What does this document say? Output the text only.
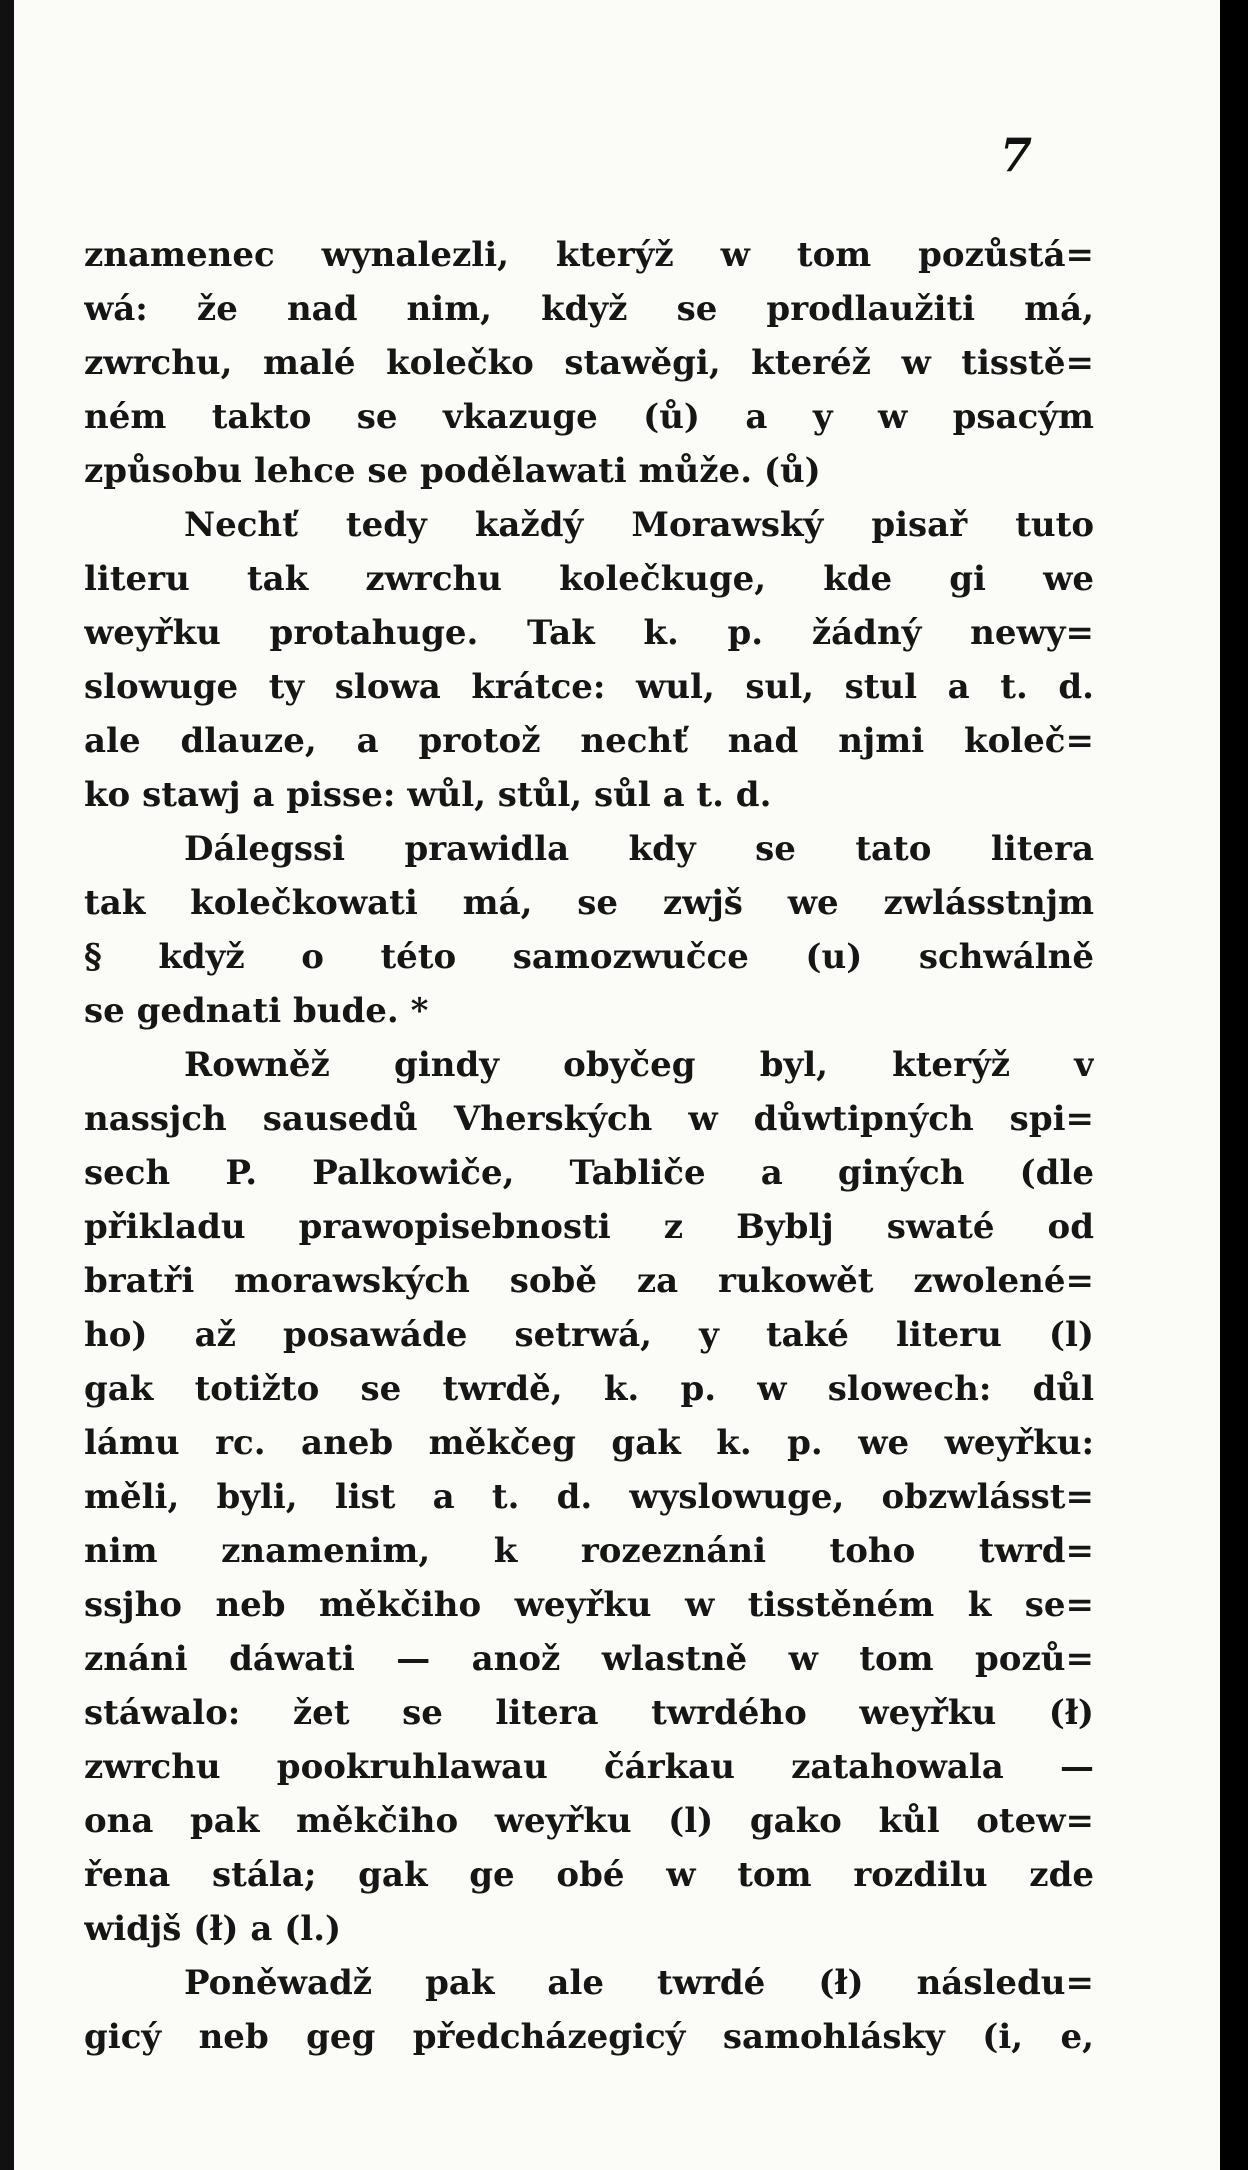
7
znamenec wynalezli, kterýž w tom pozůstá=
wá: že nad nim, když se prodlaužiti má,
zwrchu, malé kolečko stawěgi, kteréž w tisstě=
ném takto se vkazuge (ů) a y w psacým
způsobu lehce se podělawati může. (ů)
Nechť tedy každý Morawský pisař tuto
literu tak zwrchu kolečkuge, kde gi we
weyřku protahuge. Tak k. p. žádný newy=
slowuge ty slowa krátce: wul, sul, stul a t. d.
ale dlauze, a protož nechť nad njmi koleč=
ko stawj a pisse: wůl, stůl, sůl a t. d.
Dálegssi prawidla kdy se tato litera
tak kolečkowati má, se zwjš we zwlásstnjm
§ když o této samozwučce (u) schwálně
se gednati bude. *
Rowněž gindy obyčeg byl, kterýž v
nassjch sausedů Vherských w důwtipných spi=
sech P. Palkowiče, Tabliče a giných (dle
přikladu prawopisebnosti z Byblj swaté od
bratři morawských sobě za rukowět zwolené=
ho) až posawáde setrwá, y také literu (l)
gak totižto se twrdě, k. p. w slowech: důl
lámu rc. aneb měkčeg gak k. p. we weyřku:
měli, byli, list a t. d. wyslowuge, obzwlásst=
nim znamenim, k rozeznáni toho twrd=
ssjho neb měkčiho weyřku w tisstěném k se=
znáni dáwati — anož wlastně w tom pozů=
stáwalo: žet se litera twrdého weyřku (ł)
zwrchu pookruhlawau čárkau zatahowala —
ona pak měkčiho weyřku (l) gako kůl otew=
řena stála; gak ge obé w tom rozdilu zde
widjš (ł) a (l.)
Poněwadž pak ale twrdé (ł) následu=
gicý neb geg předcházegicý samohlásky (i, e,
